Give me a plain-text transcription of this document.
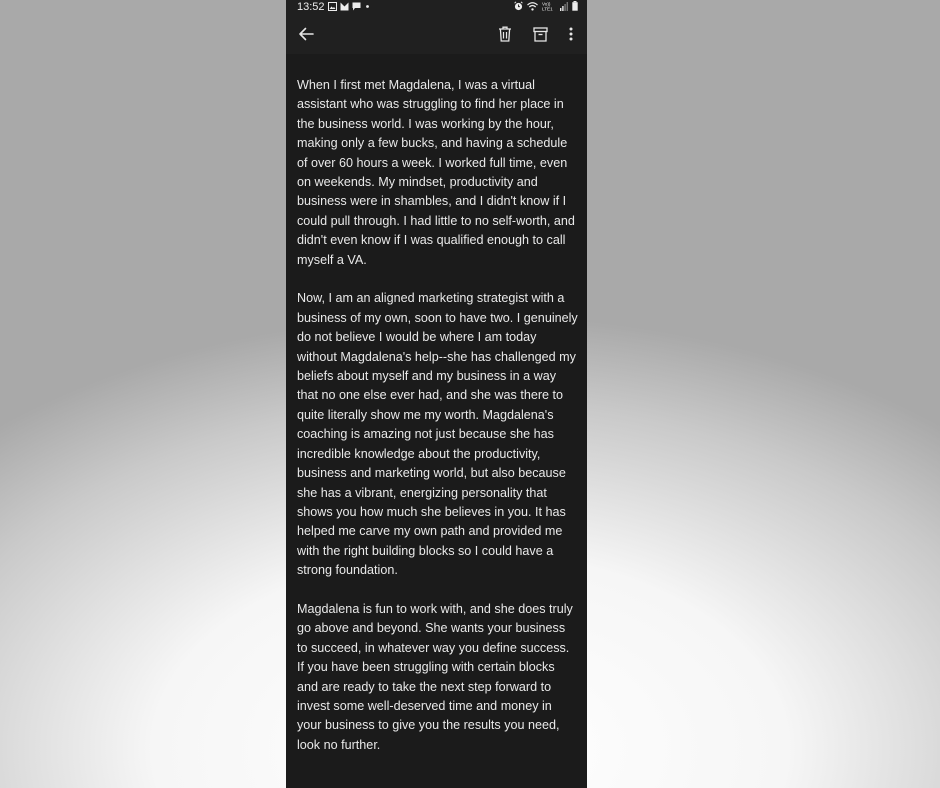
13:52	Vo))
LTE1

When I first met Magdalena, I was a virtual assistant who was struggling to find her place in the business world. I was working by the hour, making only a few bucks, and having a schedule of over 60 hours a week. I worked full time, even on weekends. My mindset, productivity and business were in shambles, and I didn't know if I could pull through. I had little to no self-worth, and didn't even know if I was qualified enough to call myself a VA.

Now, I am an aligned marketing strategist with a business of my own, soon to have two. I genuinely do not believe I would be where I am today without Magdalena's help--she has challenged my beliefs about myself and my business in a way that no one else ever had, and she was there to quite literally show me my worth. Magdalena's coaching is amazing not just because she has incredible knowledge about the productivity, business and marketing world, but also because she has a vibrant, energizing personality that shows you how much she believes in you. It has helped me carve my own path and provided me with the right building blocks so I could have a strong foundation.

Magdalena is fun to work with, and she does truly go above and beyond. She wants your business to succeed, in whatever way you define success. If you have been struggling with certain blocks and are ready to take the next step forward to invest some well-deserved time and money in your business to give you the results you need, look no further.
